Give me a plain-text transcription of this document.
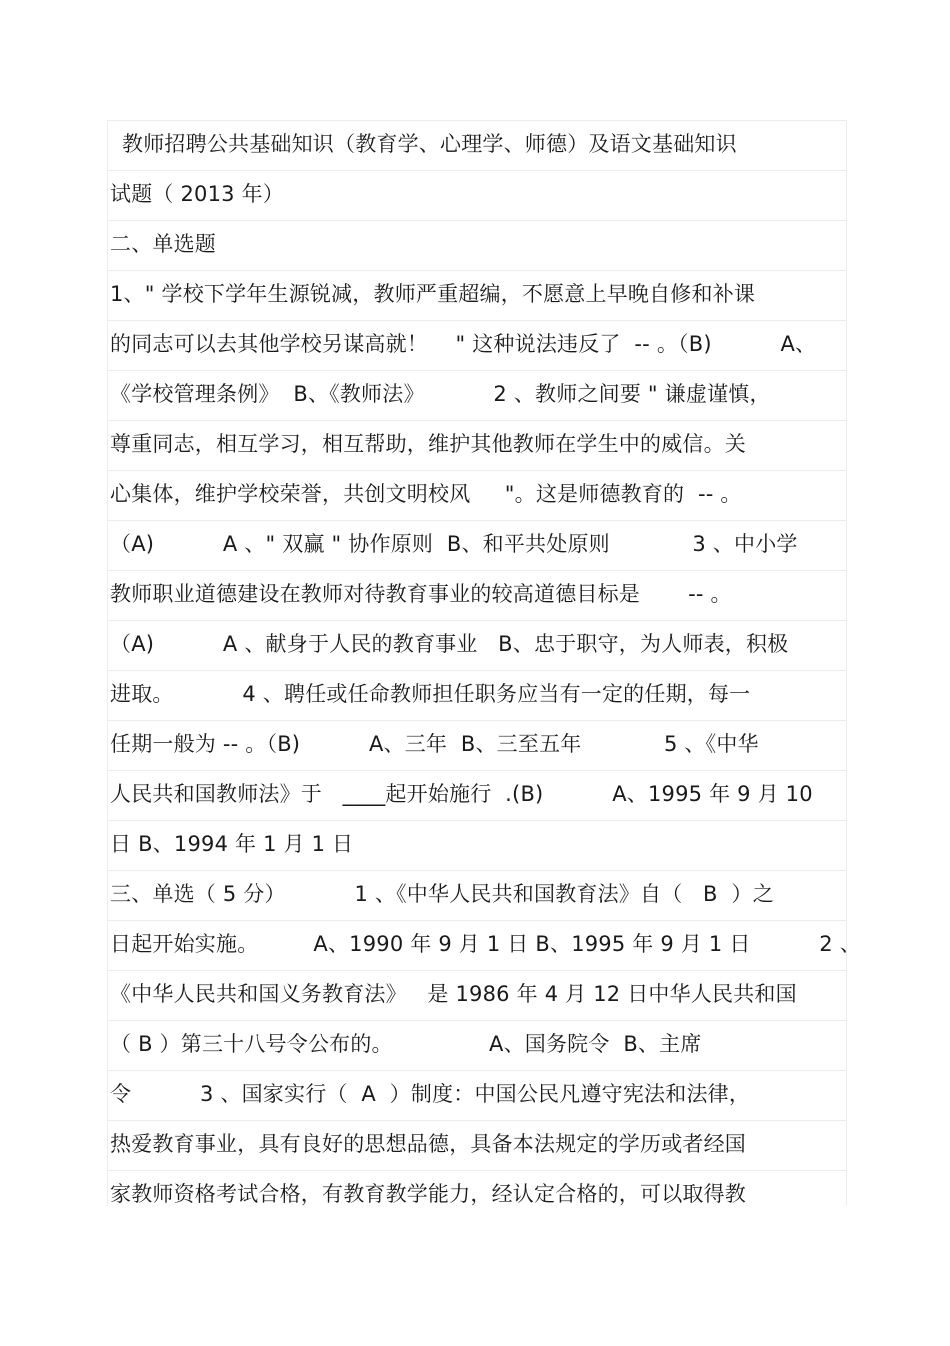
教师招聘公共基础知识（教育学、心理学、师德）及语文基础知识
试题（ 2013 年）
二、单选题
1、" 学校下学年生源锐减，教师严重超编，不愿意上早晚自修和补课
的同志可以去其他学校另谋高就！    " 这种说法违反了  -- 。（B)          A、
《学校管理条例》  B、《教师法》          2 、教师之间要 " 谦虚谨慎，
尊重同志，相互学习，相互帮助，维护其他教师在学生中的威信。关
心集体，维护学校荣誉，共创文明校风     "。这是师德教育的  -- 。
（A)          A 、" 双赢 " 协作原则  B、和平共处原则            3 、中小学
教师职业道德建设在教师对待教育事业的较高道德目标是       -- 。
（A)          A 、献身于人民的教育事业   B、忠于职守，为人师表，积极
进取。          4 、聘任或任命教师担任职务应当有一定的任期，每一
任期一般为 -- 。（B)          A、三年  B、三至五年            5 、《中华
人民共和国教师法》于   ____起开始施行  .(B)          A、1995 年 9 月 10
日 B、1994 年 1 月 1 日
三、单选（ 5 分）          1 、《中华人民共和国教育法》自（   B  ）之
日起开始实施。        A、1990 年 9 月 1 日 B、1995 年 9 月 1 日          2 、
《中华人民共和国义务教育法》   是 1986 年 4 月 12 日中华人民共和国
（ B ）第三十八号令公布的。              A、国务院令  B、主席
令          3 、国家实行（  A  ）制度：中国公民凡遵守宪法和法律，
热爱教育事业，具有良好的思想品德，具备本法规定的学历或者经国
家教师资格考试合格，有教育教学能力，经认定合格的，可以取得教
